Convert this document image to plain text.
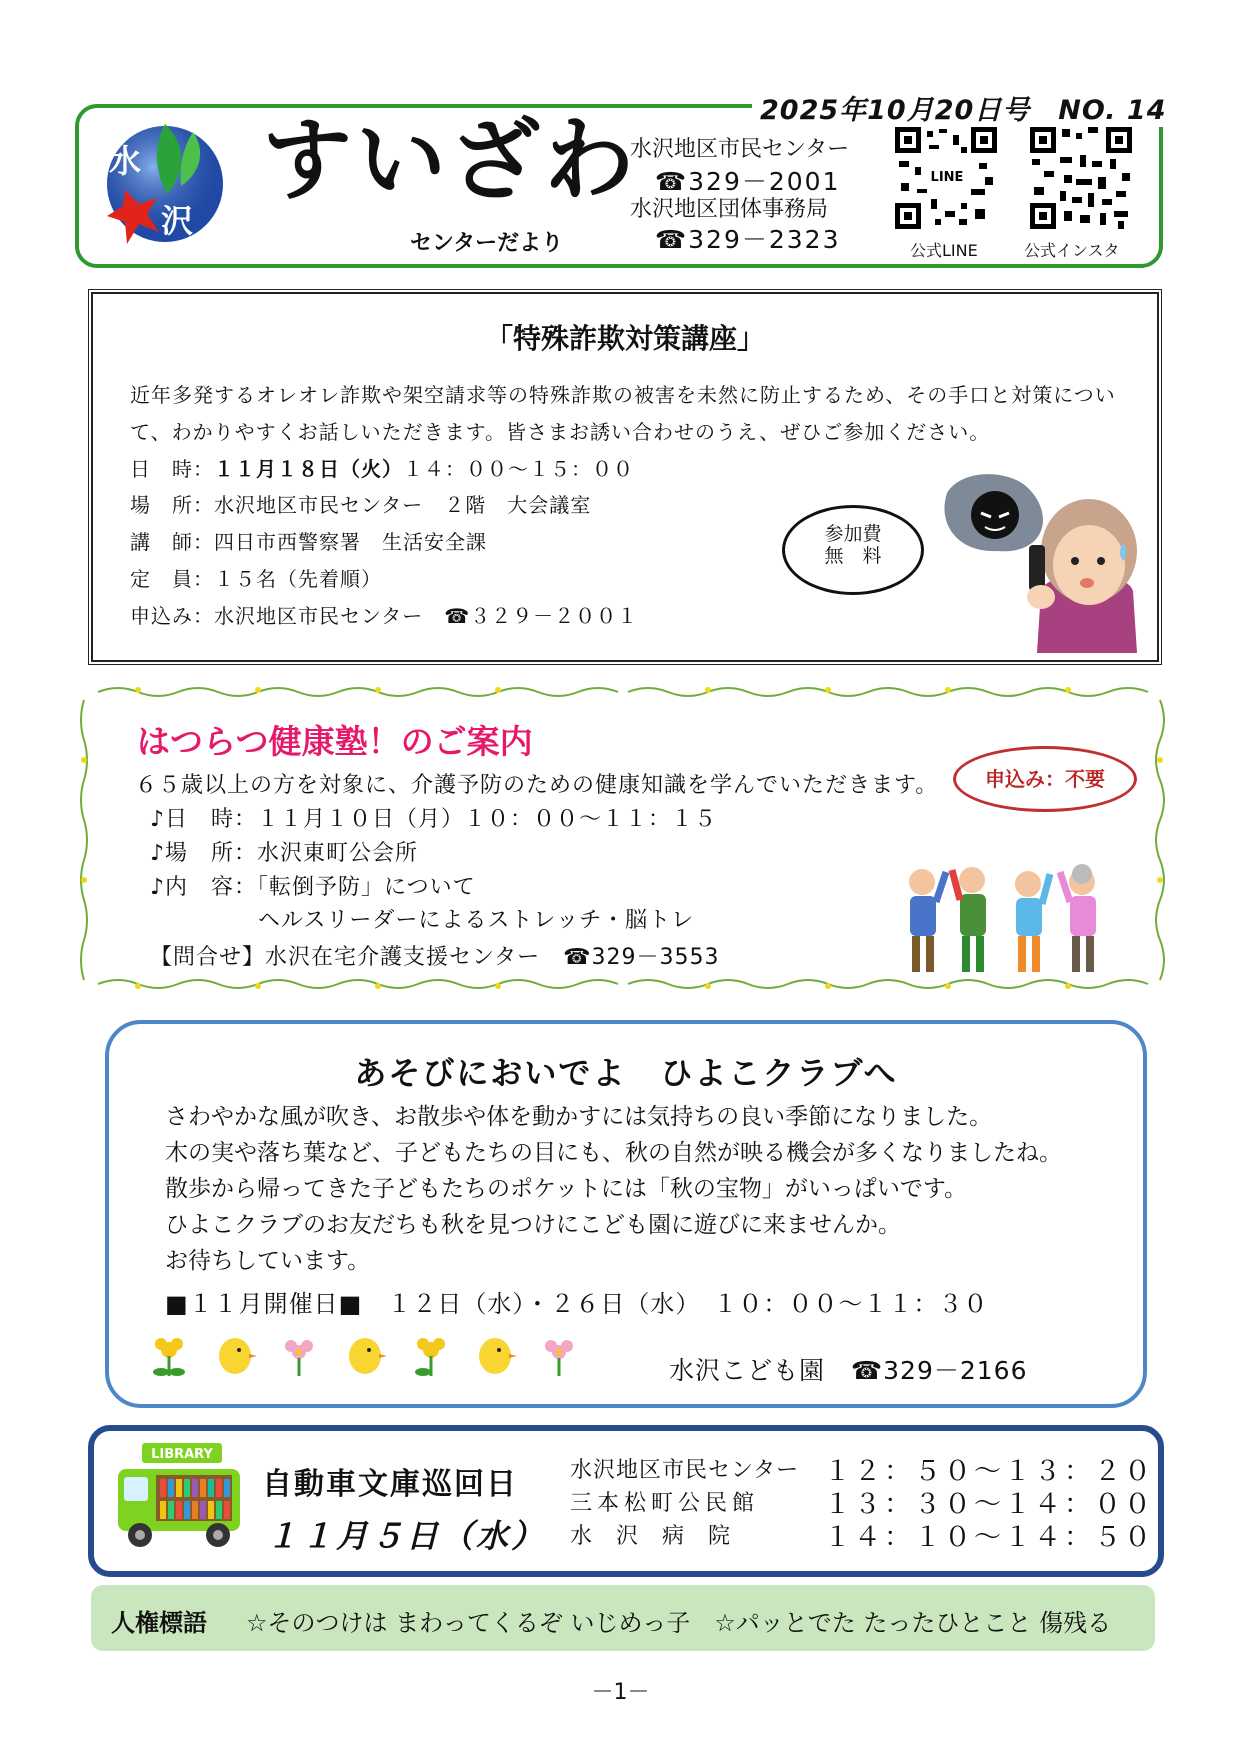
2025年10月20日号　NO. 14
水
沢
すいざわ
センターだより
水沢地区市民センター
☎329－2001
水沢地区団体事務局
☎329－2323
LINE
公式LINE	公式インスタ
「特殊詐欺対策講座」
近年多発するオレオレ詐欺や架空請求等の特殊詐欺の被害を未然に防止するため、その手口と対策について、わかりやすくお話しいただきます。皆さまお誘い合わせのうえ、ぜひご参加ください。
日　時：１１月１８日（火）１４：００～１５：００
場　所：水沢地区市民センター　２階　大会議室
講　師：四日市西警察署　生活安全課
定　員：１５名（先着順）
申込み：水沢地区市民センター　☎３２９－２００１
参加費
無　料
はつらつ健康塾！のご案内
申込み：不要
６５歳以上の方を対象に、介護予防のための健康知識を学んでいただきます。
♪日　時：１１月１０日（月）１０：００～１１：１５
♪場　所：水沢東町公会所
♪内　容：「転倒予防」について
ヘルスリーダーによるストレッチ・脳トレ
【問合せ】水沢在宅介護支援センター　☎329－3553
あそびにおいでよ　ひよこクラブへ
さわやかな風が吹き、お散歩や体を動かすには気持ちの良い季節になりました。
木の実や落ち葉など、子どもたちの目にも、秋の自然が映る機会が多くなりましたね。
散歩から帰ってきた子どもたちのポケットには「秋の宝物」がいっぱいです。
ひよこクラブのお友だちも秋を見つけにこども園に遊びに来ませんか。
お待ちしています。
■１１月開催日■　１２日（水）・２６日（水）　１０：００～１１：３０
水沢こども園　☎329－2166
LIBRARY
自動車文庫巡回日
１１月５日（水）
水沢地区市民センター １２：５０～１３：２０
三本松町公民館 １３：３０～１４：００
水　沢　病　院	１４：１０～１４：５０
人権標語 ☆そのつけは まわってくるぞ いじめっ子　☆パッとでた たったひとこと 傷残る
－1－
